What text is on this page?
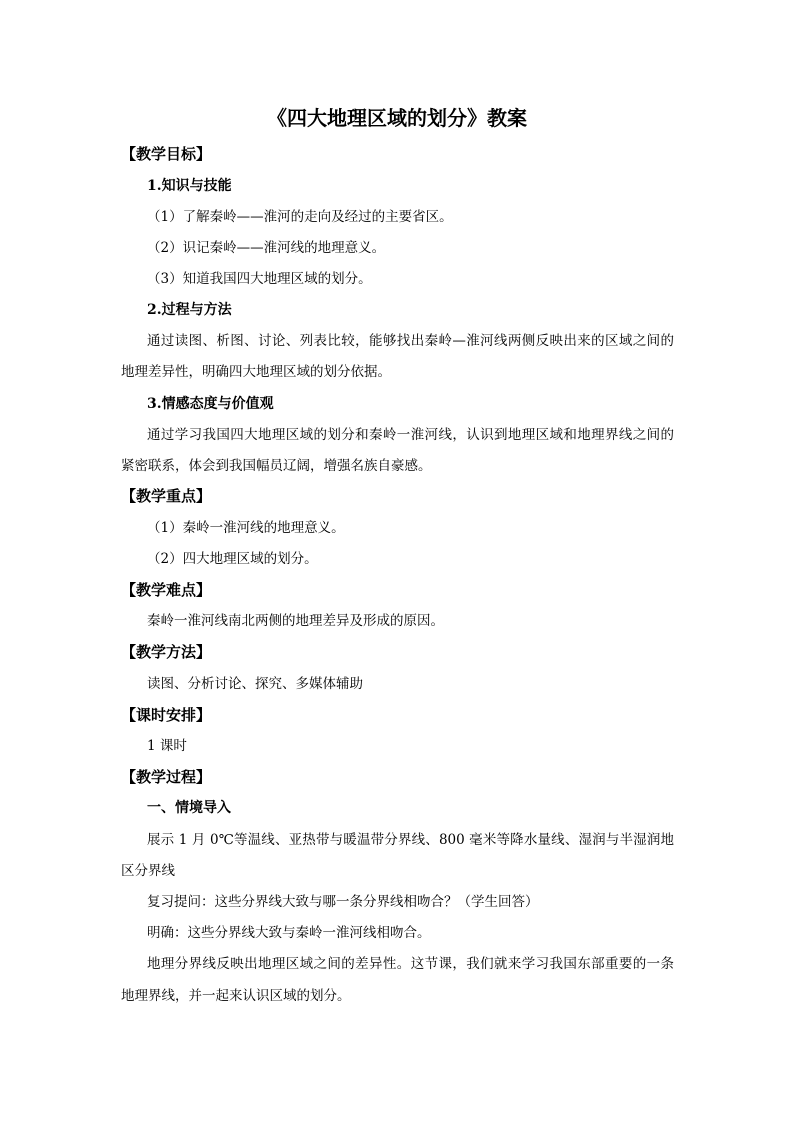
《四大地理区域的划分》教案
【教学目标】
1.知识与技能
（1）了解秦岭——淮河的走向及经过的主要省区。
（2）识记秦岭——淮河线的地理意义。
（3）知道我国四大地理区域的划分。
2.过程与方法
通过读图、析图、讨论、列表比较，能够找出秦岭—淮河线两侧反映出来的区域之间的
地理差异性，明确四大地理区域的划分依据。
3.情感态度与价值观
通过学习我国四大地理区域的划分和秦岭一淮河线，认识到地理区域和地理界线之间的
紧密联系，体会到我国幅员辽阔，增强名族自豪感。
【教学重点】
（1）秦岭一淮河线的地理意义。
（2）四大地理区域的划分。
【教学难点】
秦岭一淮河线南北两侧的地理差异及形成的原因。
【教学方法】
读图、分析讨论、探究、多媒体辅助
【课时安排】
1 课时
【教学过程】
一、情境导入
展示 1 月 0℃等温线、亚热带与暖温带分界线、800 毫米等降水量线、湿润与半湿润地
区分界线
复习提问：这些分界线大致与哪一条分界线相吻合？（学生回答）
明确：这些分界线大致与秦岭一淮河线相吻合。
地理分界线反映出地理区域之间的差异性。这节课，我们就来学习我国东部重要的一条
地理界线，并一起来认识区域的划分。
